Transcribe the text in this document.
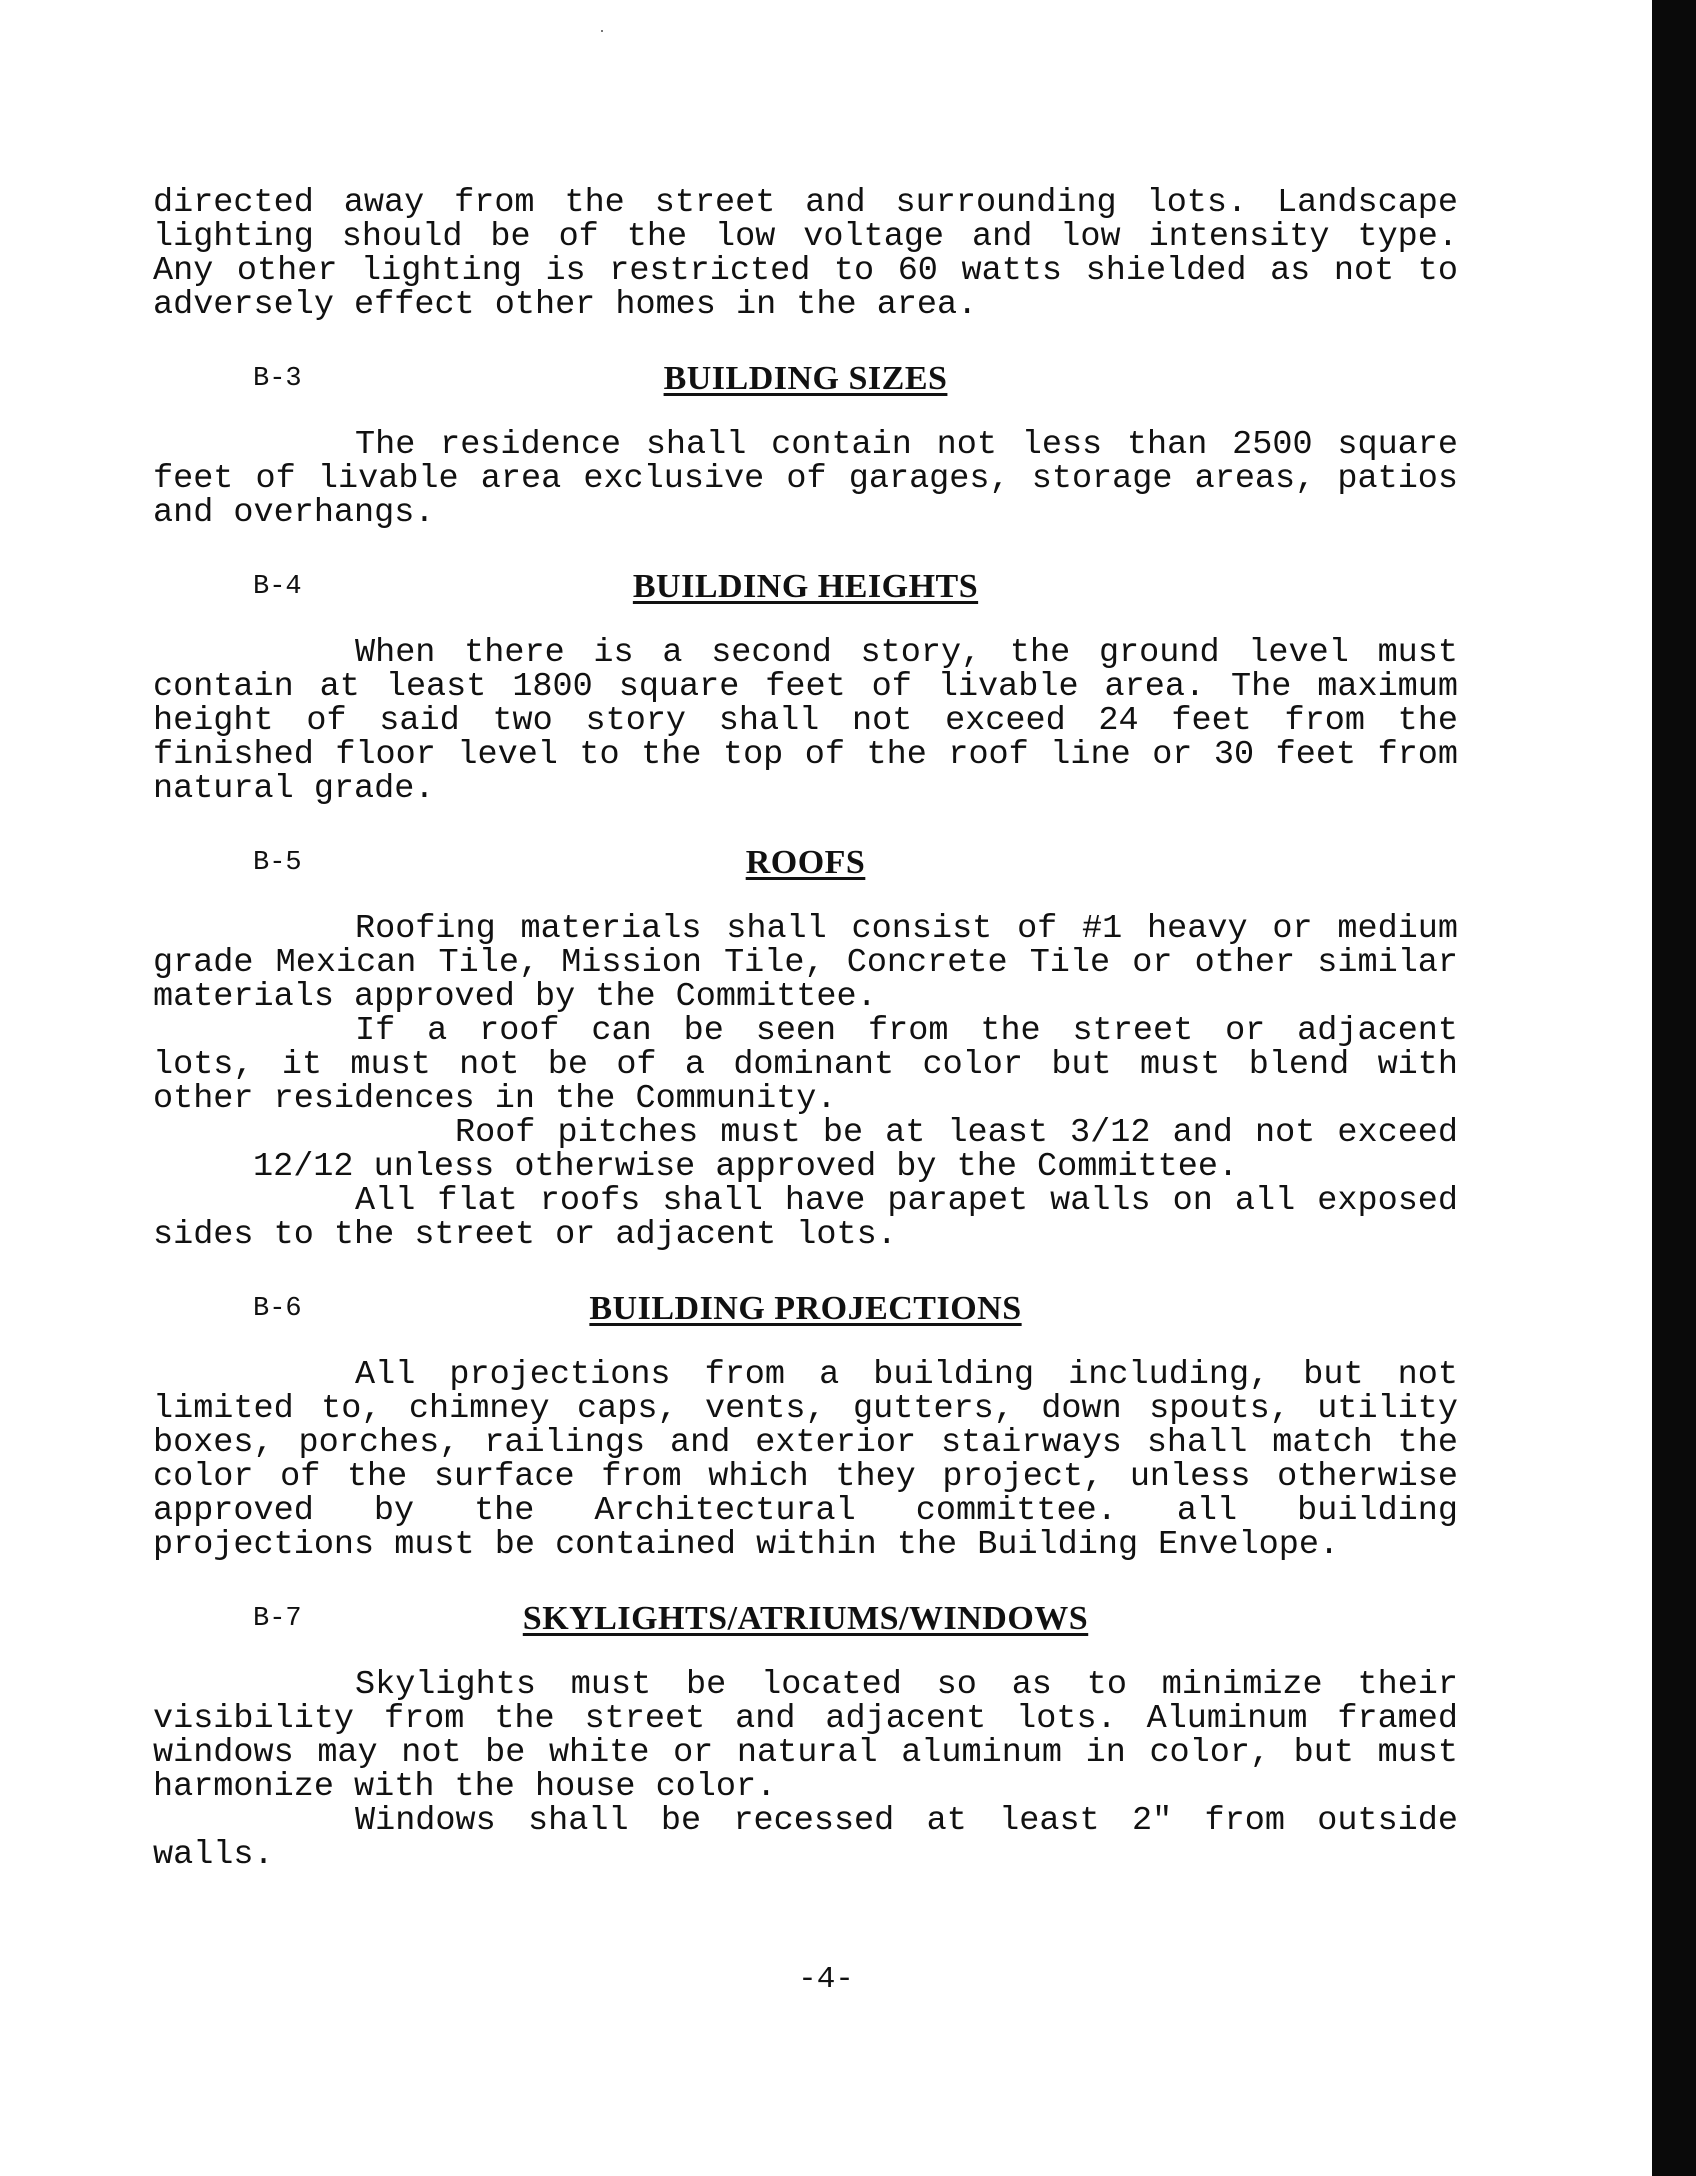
directed away from the street and surrounding lots. Landscape lighting should be of the low voltage and low intensity type. Any other lighting is restricted to 60 watts shielded as not to adversely effect other homes in the area.

B-3	BUILDING SIZES

The residence shall contain not less than 2500 square feet of livable area exclusive of garages, storage areas, patios and overhangs.

B-4	BUILDING HEIGHTS

When there is a second story, the ground level must contain at least 1800 square feet of livable area. The maximum height of said two story shall not exceed 24 feet from the finished floor level to the top of the roof line or 30 feet from natural grade.

B-5	ROOFS

Roofing materials shall consist of #1 heavy or medium grade Mexican Tile, Mission Tile, Concrete Tile or other similar materials approved by the Committee.

If a roof can be seen from the street or adjacent lots, it must not be of a dominant color but must blend with other residences in the Community.

Roof pitches must be at least 3/12 and not exceed 12/12 unless otherwise approved by the Committee.

All flat roofs shall have parapet walls on all exposed sides to the street or adjacent lots.

B-6	BUILDING PROJECTIONS

All projections from a building including, but not limited to, chimney caps, vents, gutters, down spouts, utility boxes, porches, railings and exterior stairways shall match the color of the surface from which they project, unless otherwise approved by the Architectural committee. all building projections must be contained within the Building Envelope.

B-7	SKYLIGHTS/ATRIUMS/WINDOWS

Skylights must be located so as to minimize their visibility from the street and adjacent lots. Aluminum framed windows may not be white or natural aluminum in color, but must harmonize with the house color.

Windows shall be recessed at least 2" from outside walls.

-4-
